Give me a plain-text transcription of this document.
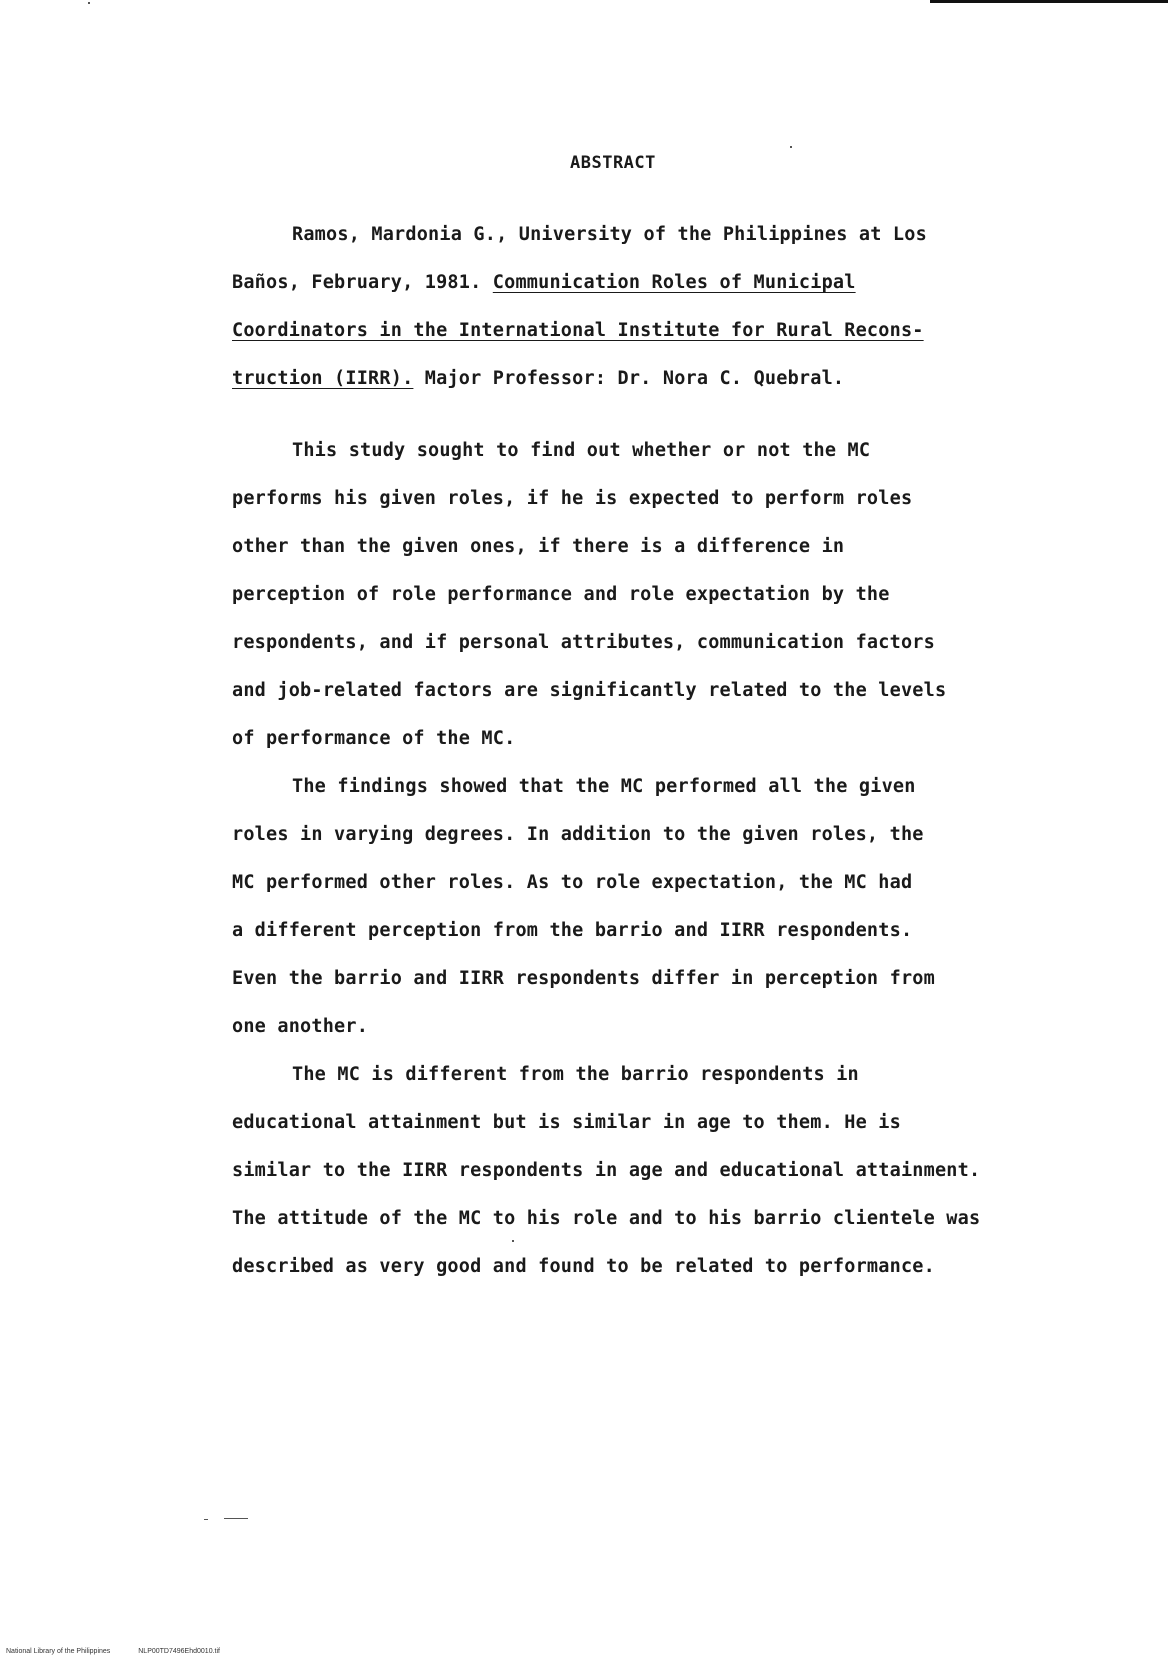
ABSTRACT
Ramos, Mardonia G., University of the Philippines at Los
Baños, February, 1981. Communication Roles of Municipal
Coordinators in the International Institute for Rural Recons-
truction (IIRR). Major Professor: Dr. Nora C. Quebral.
This study sought to find out whether or not the MC
performs his given roles, if he is expected to perform roles
other than the given ones, if there is a difference in
perception of role performance and role expectation by the
respondents, and if personal attributes, communication factors
and job-related factors are significantly related to the levels
of performance of the MC.
The findings showed that the MC performed all the given
roles in varying degrees. In addition to the given roles, the
MC performed other roles. As to role expectation, the MC had
a different perception from the barrio and IIRR respondents.
Even the barrio and IIRR respondents differ in perception from
one another.
The MC is different from the barrio respondents in
educational attainment but is similar in age to them. He is
similar to the IIRR respondents in age and educational attainment.
The attitude of the MC to his role and to his barrio clientele was
described as very good and found to be related to performance.
National Library of the Philippines	NLP00TD7496Ehd0010.tif
